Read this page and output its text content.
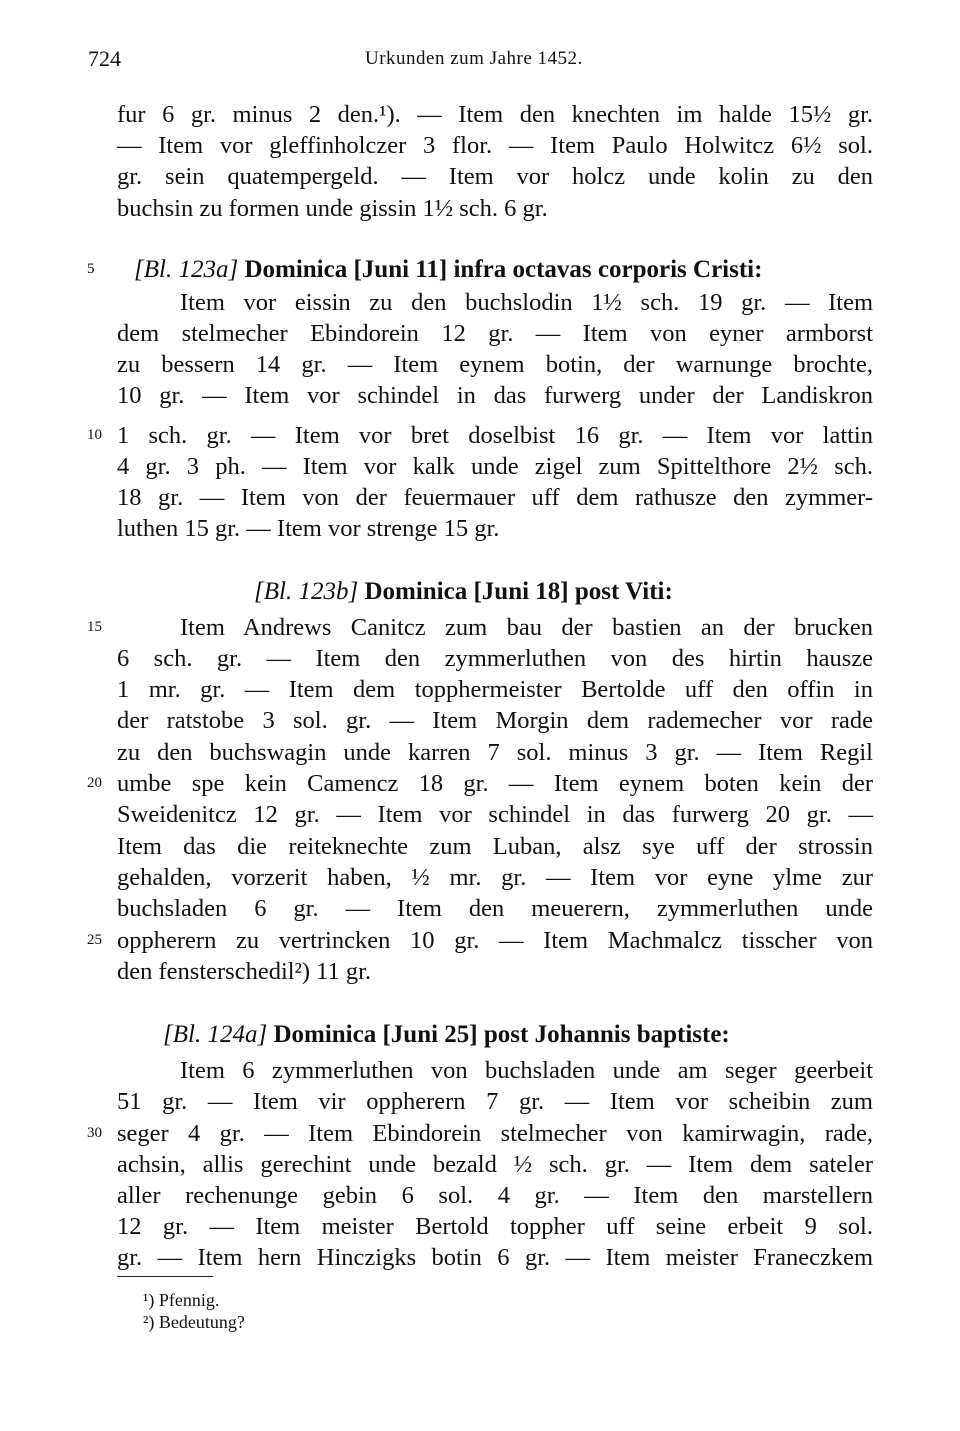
724	Urkunden zum Jahre 1452.
fur 6 gr. minus 2 den.¹). — Item den knechten im halde 15½ gr.
— Item vor gleffinholczer 3 flor. — Item Paulo Holwitcz 6½ sol.
gr. sein quatempergeld. — Item vor holcz unde kolin zu den
buchsin zu formen unde gissin 1½ sch. 6 gr.
5	[Bl. 123a] Dominica [Juni 11] infra octavas corporis Cristi:
Item vor eissin zu den buchslodin 1½ sch. 19 gr. — Item
dem stelmecher Ebindorein 12 gr. — Item von eyner armborst
zu bessern 14 gr. — Item eynem botin, der warnunge brochte,
10 gr. — Item vor schindel in das furwerg under der Landiskron
10 1 sch. gr. — Item vor bret doselbist 16 gr. — Item vor lattin
4 gr. 3 ph. — Item vor kalk unde zigel zum Spittelthore 2½ sch.
18 gr. — Item von der feuermauer uff dem rathusze den zymmer-
luthen 15 gr. — Item vor strenge 15 gr.
[Bl. 123b] Dominica [Juni 18] post Viti:
15	Item Andrews Canitcz zum bau der bastien an der brucken
6 sch. gr. — Item den zymmerluthen von des hirtin hausze
1 mr. gr. — Item dem topphermeister Bertolde uff den offin in
der ratstobe 3 sol. gr. — Item Morgin dem rademecher vor rade
zu den buchswagin unde karren 7 sol. minus 3 gr. — Item Regil
20 umbe spe kein Camencz 18 gr. — Item eynem boten kein der
Sweidenitcz 12 gr. — Item vor schindel in das furwerg 20 gr. —
Item das die reiteknechte zum Luban, alsz sye uff der strossin
gehalden, vorzerit haben, ½ mr. gr. — Item vor eyne ylme zur
buchsladen 6 gr. — Item den meuerern, zymmerluthen unde
25 oppherern zu vertrincken 10 gr. — Item Machmalcz tisscher von
den fensterschedil²) 11 gr.
[Bl. 124a] Dominica [Juni 25] post Johannis baptiste:
Item 6 zymmerluthen von buchsladen unde am seger geerbeit
51 gr. — Item vir oppherern 7 gr. — Item vor scheibin zum
30 seger 4 gr. — Item Ebindorein stelmecher von kamirwagin, rade,
achsin, allis gerechint unde bezald ½ sch. gr. — Item dem sateler
aller rechenunge gebin 6 sol. 4 gr. — Item den marstellern
12 gr. — Item meister Bertold toppher uff seine erbeit 9 sol.
gr. — Item hern Hinczigks botin 6 gr. — Item meister Franeczkem
¹) Pfennig.
²) Bedeutung?
